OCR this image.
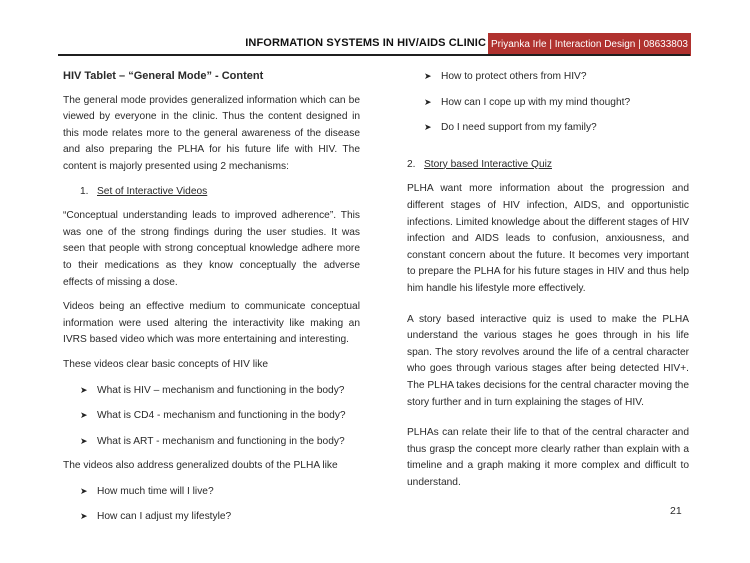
INFORMATION SYSTEMS IN HIV/AIDS CLINIC Priyanka Irle | Interaction Design | 08633803

HIV Tablet – “General Mode” - Content

The general mode provides generalized information which can be viewed by everyone in the clinic. Thus the content designed in this mode relates more to the general awareness of the disease and also preparing the PLHA for his future life with HIV. The content is majorly presented using 2 mechanisms:

1. Set of Interactive Videos

“Conceptual understanding leads to improved adherence”. This was one of the strong findings during the user studies. It was seen that people with strong conceptual knowledge adhere more to their medications as they know conceptually the adverse effects of missing a dose.

Videos being an effective medium to communicate conceptual information were used altering the interactivity like making an IVRS based video which was more entertaining and interesting.

These videos clear basic concepts of HIV like

➤ What is HIV – mechanism and functioning in the body?

➤ What is CD4 - mechanism and functioning in the body?

➤ What is ART - mechanism and functioning in the body?

The videos also address generalized doubts of the PLHA like

➤ How much time will I live?

➤ How can I adjust my lifestyle?

➤ How to protect others from HIV?

➤ How can I cope up with my mind thought?

➤ Do I need support from my family?

2. Story based Interactive Quiz

PLHA want more information about the progression and different stages of HIV infection, AIDS, and opportunistic infections. Limited knowledge about the different stages of HIV infection and AIDS leads to confusion, anxiousness, and constant concern about the future. It becomes very important to prepare the PLHA for his future stages in HIV and thus help him handle his lifestyle more effectively.

A story based interactive quiz is used to make the PLHA understand the various stages he goes through in his life span. The story revolves around the life of a central character who goes through various stages after being detected HIV+. The PLHA takes decisions for the central character moving the story further and in turn explaining the stages of HIV.

PLHAs can relate their life to that of the central character and thus grasp the concept more clearly rather than explain with a timeline and a graph making it more complex and difficult to understand.

21
